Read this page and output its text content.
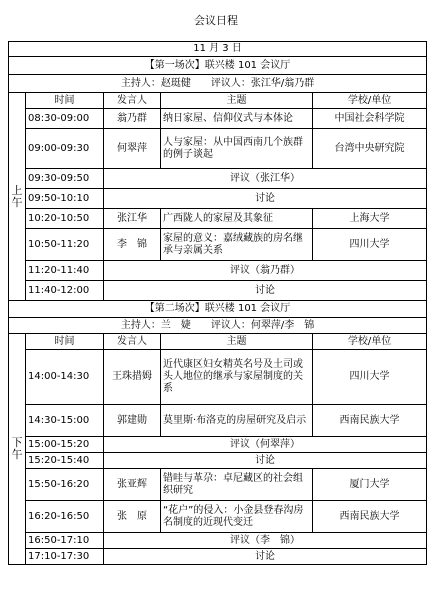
会议日程
11 月 3 日				
【第一场次】联兴楼 101 会议厅				
主持人：赵珽健　　评议人：张江华/翁乃群				
上午	时间	发言人	主题	学校/单位
	08:30-09:00	翁乃群	纳日家屋、信仰仪式与本体论	中国社会科学院
	09:00-09:30	何翠萍	人与家屋：从中国西南几个族群的例子谈起	台湾中央研究院
	09:30-09:50	评议（张江华）		
	09:50-10:10	讨论		
	10:20-10:50	张江华	广西陇人的家屋及其象征	上海大学
	10:50-11:20	李　锦	家屋的意义：嘉绒藏族的房名继承与亲属关系	四川大学
	11:20-11:40	评议（翁乃群）		
	11:40-12:00	讨论		
【第二场次】联兴楼 101 会议厅				
主持人：兰　婕　　评议人：何翠萍/李　锦				
下午	时间	发言人	主题	学校/单位
	14:00-14:30	王珠措姆	近代康区妇女精英名号及土司或头人地位的继承与家屋制度的关系	四川大学
	14:30-15:00	郭建勋	莫里斯·布洛克的房屋研究及启示	西南民族大学
	15:00-15:20	评议（何翠萍）		
	15:20-15:40	讨论		
	15:50-16:20	张亚辉	错哇与革尕：卓尼藏区的社会组织研究	厦门大学
	16:20-16:50	张　原	“花户”的侵入：小金县登春沟房名制度的近现代变迁	西南民族大学
	16:50-17:10	评议（李　锦）		
	17:10-17:30	讨论		
